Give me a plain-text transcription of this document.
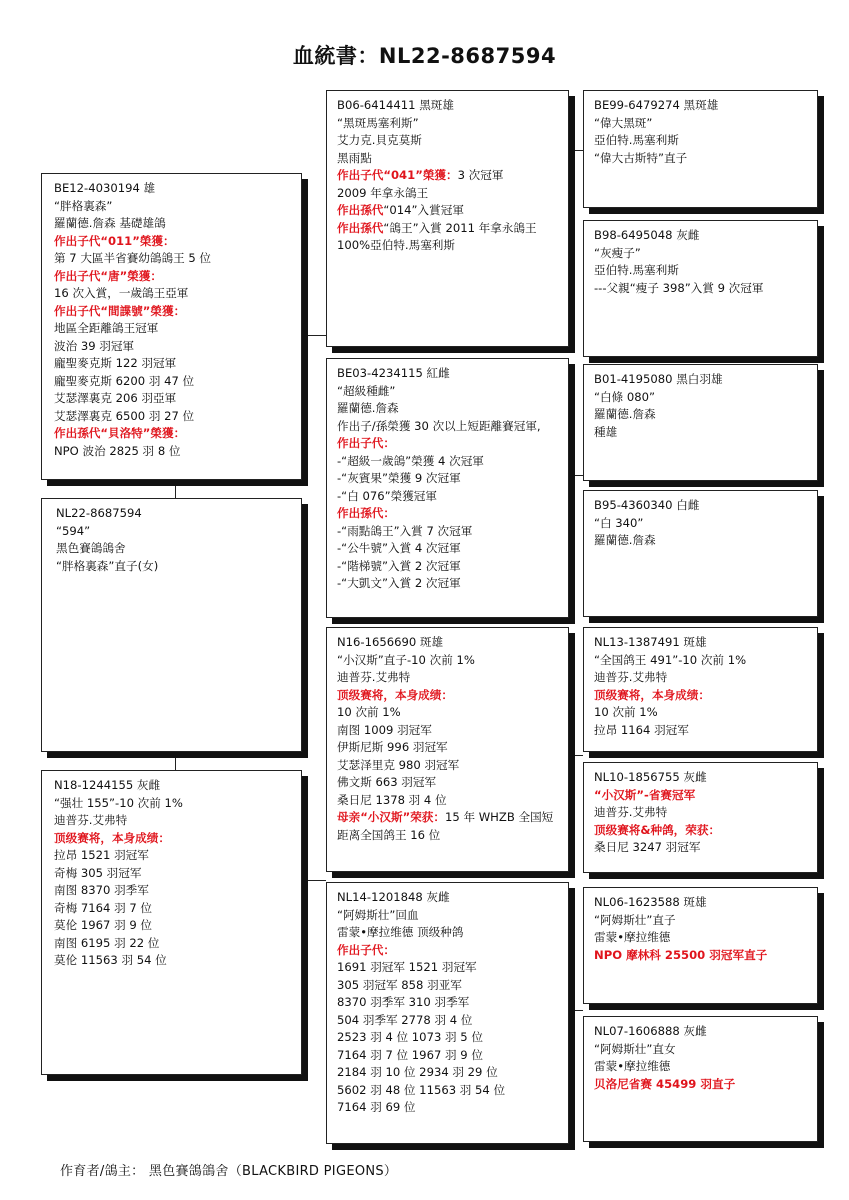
血統書：NL22-8687594
BE12-4030194 雄
“胖格裏森”
羅蘭德.詹森 基礎雄鴿
作出子代“011”榮獲：
第 7 大區半省賽幼鴿鴿王 5 位
作出子代“唐”榮獲：
16 次入賞，一歲鴿王亞軍
作出子代“間諜號”榮獲：
地區全距離鴿王冠軍
波治 39 羽冠軍
龐聖麥克斯 122 羽冠軍
龐聖麥克斯 6200 羽 47 位
艾瑟澤裏克 206 羽亞軍
艾瑟澤裏克 6500 羽 27 位
作出孫代“貝洛特”榮獲：
NPO 波治 2825 羽 8 位
NL22-8687594
“594”
黑色賽鴿鴿舍
“胖格裏森”直子(女)
N18-1244155 灰雌
“强壮 155”-10 次前 1%
迪普芬.艾弗特
顶级赛将，本身成绩：
拉昂 1521 羽冠军
奇梅 305 羽冠军
南图 8370 羽季军
奇梅 7164 羽 7 位
莫伦 1967 羽 9 位
南图 6195 羽 22 位
莫伦 11563 羽 54 位
B06-6414411 黑斑雄
“黑斑馬塞利斯”
艾力克.貝克莫斯
黑雨點
作出子代“041”榮獲：3 次冠軍
2009 年拿永鴿王
作出孫代“014”入賞冠軍
作出孫代“鴿王”入賞 2011 年拿永鴿王
100%亞伯特.馬塞利斯
BE03-4234115 紅雌
“超級種雌”
羅蘭德.詹森
作出子/孫榮獲 30 次以上短距離賽冠軍,
作出子代：
-“超級一歲鴿”榮獲 4 次冠軍
-“灰賓果”榮獲 9 次冠軍
-“白 076”榮獲冠軍
作出孫代：
-“雨點鴿王”入賞 7 次冠軍
-“公牛號”入賞 4 次冠軍
-“階梯號”入賞 2 次冠軍
-“大凱文”入賞 2 次冠軍
N16-1656690 斑雄
“小汉斯”直子-10 次前 1%
迪普芬.艾弗特
顶级赛将，本身成绩：
10 次前 1%
南图 1009 羽冠军
伊斯尼斯 996 羽冠军
艾瑟泽里克 980 羽冠军
佛文斯 663 羽冠军
桑日尼 1378 羽 4 位
母亲“小汉斯”荣获：15 年 WHZB 全国短距离全国鸽王 16 位
NL14-1201848 灰雌
“阿姆斯壮”回血
雷蒙•摩拉维德 顶级种鸽
作出子代：
1691 羽冠军 1521 羽冠军
305 羽冠军 858 羽亚军
8370 羽季军 310 羽季军
504 羽季军 2778 羽 4 位
2523 羽 4 位 1073 羽 5 位
7164 羽 7 位 1967 羽 9 位
2184 羽 10 位 2934 羽 29 位
5602 羽 48 位 11563 羽 54 位
7164 羽 69 位
BE99-6479274 黑斑雄
“偉大黑斑”
亞伯特.馬塞利斯
“偉大古斯特”直子
B98-6495048 灰雌
“灰瘦子”
亞伯特.馬塞利斯
---父親“瘦子 398”入賞 9 次冠軍
B01-4195080 黑白羽雄
“白條 080”
羅蘭德.詹森
種雄
B95-4360340 白雌
“白 340”
羅蘭德.詹森
NL13-1387491 斑雄
“全国鸽王 491”-10 次前 1%
迪普芬.艾弗特
顶级赛将，本身成绩：
10 次前 1%
拉昂 1164 羽冠军
NL10-1856755 灰雌
“小汉斯”-省赛冠军
迪普芬.艾弗特
顶级赛将&种鸽，荣获：
桑日尼 3247 羽冠军
NL06-1623588 斑雄
“阿姆斯壮”直子
雷蒙•摩拉维德
NPO 摩林科 25500 羽冠军直子
NL07-1606888 灰雌
“阿姆斯壮”直女
雷蒙•摩拉维德
贝洛尼省赛 45499 羽直子
作育者/鴿主： 黑色賽鴿鴿舍（BLACKBIRD PIGEONS）
